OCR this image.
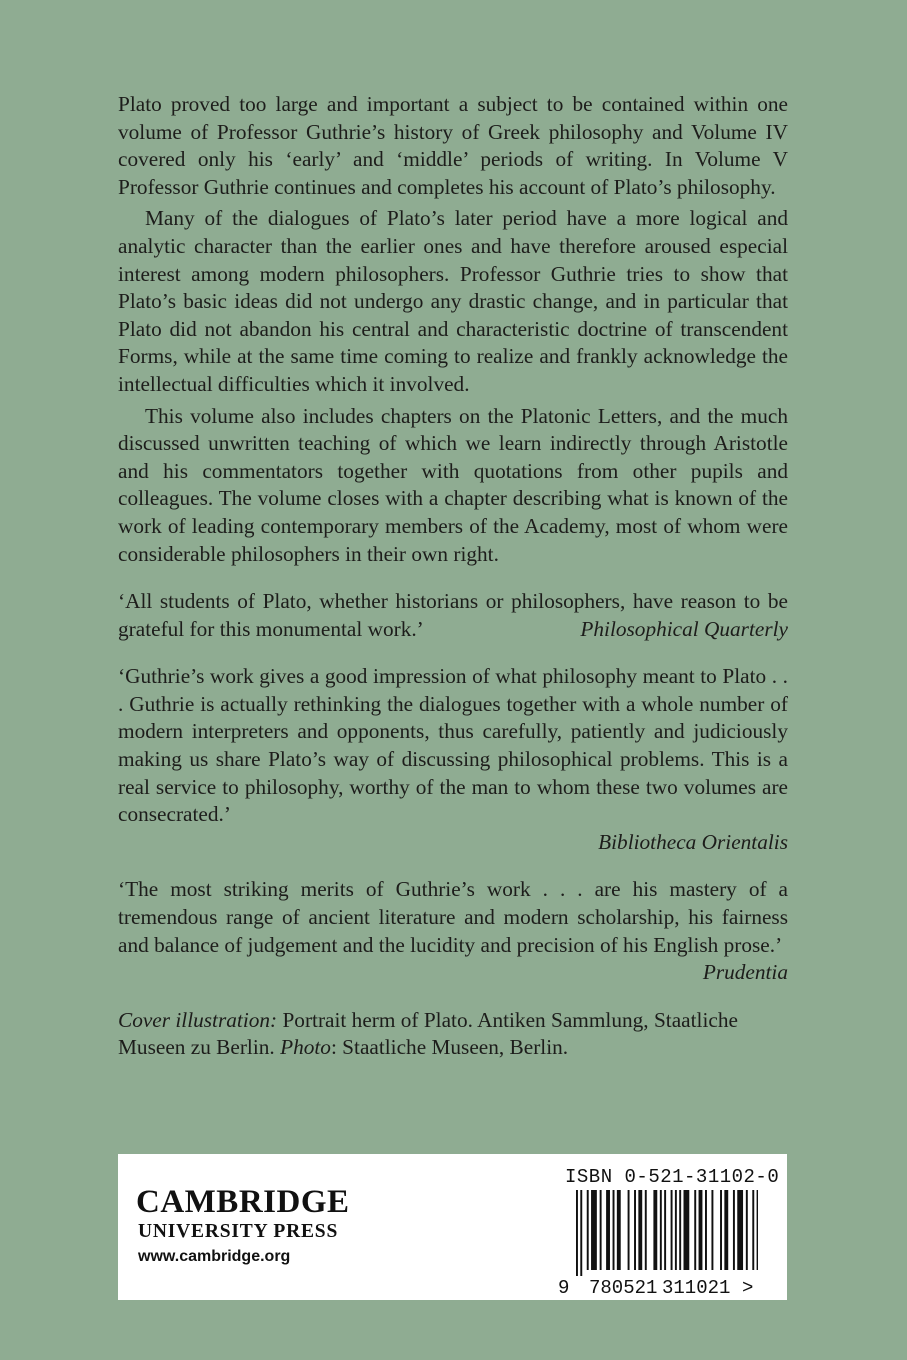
Plato proved too large and important a subject to be contained within one volume of Professor Guthrie’s history of Greek philosophy and Volume IV covered only his ‘early’ and ‘middle’ periods of writing. In Volume V Professor Guthrie continues and completes his account of Plato’s philosophy.

Many of the dialogues of Plato’s later period have a more logical and analytic character than the earlier ones and have therefore aroused especial interest among modern philosophers. Professor Guthrie tries to show that Plato’s basic ideas did not undergo any drastic change, and in particular that Plato did not abandon his central and characteristic doctrine of transcendent Forms, while at the same time coming to realize and frankly acknowledge the intellectual difficulties which it involved.

This volume also includes chapters on the Platonic Letters, and the much discussed unwritten teaching of which we learn indirectly through Aristotle and his commentators together with quotations from other pupils and colleagues. The volume closes with a chapter describing what is known of the work of leading contemporary members of the Academy, most of whom were considerable philosophers in their own right.

‘All students of Plato, whether historians or philosophers, have reason to be grateful for this monumental work.’	Philosophical Quarterly

‘Guthrie’s work gives a good impression of what philosophy meant to Plato . . . Guthrie is actually rethinking the dialogues together with a whole number of modern interpreters and opponents, thus carefully, patiently and judiciously making us share Plato’s way of discussing philosophical problems. This is a real service to philosophy, worthy of the man to whom these two volumes are consecrated.’

Bibliotheca Orientalis

‘The most striking merits of Guthrie’s work . . . are his mastery of a tremendous range of ancient literature and modern scholarship, his fairness and balance of judgement and the lucidity and precision of his English prose.’

Prudentia

Cover illustration: Portrait herm of Plato. Antiken Sammlung, Staatliche Museen zu Berlin. Photo: Staatliche Museen, Berlin.

CAMBRIDGE
UNIVERSITY PRESS
www.cambridge.org
ISBN 0-521-31102-0
9 780521 311021 >
